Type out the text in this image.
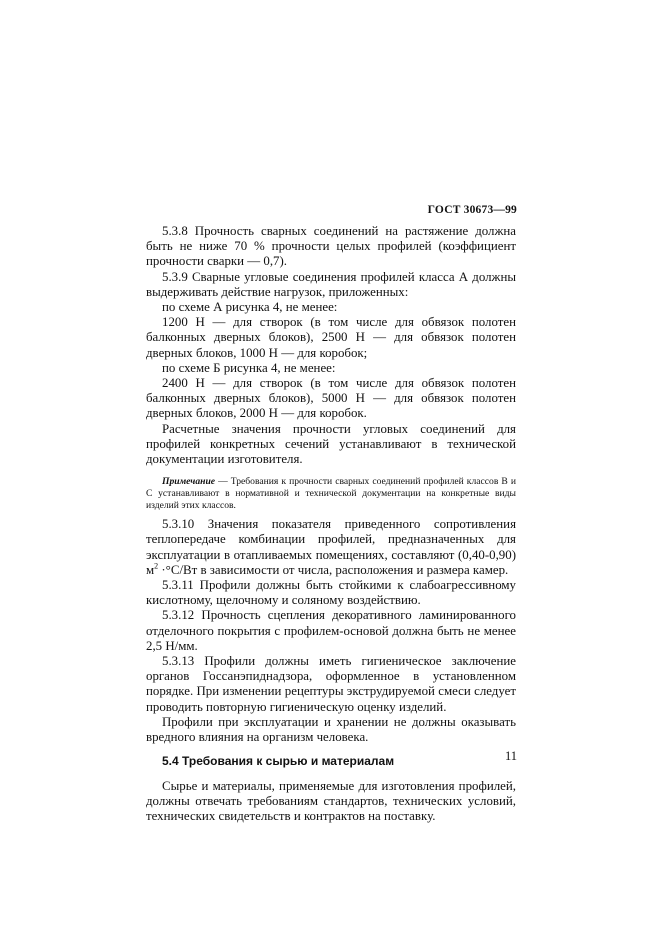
ГОСТ 30673—99

5.3.8 Прочность сварных соединений на растяжение должна быть не ниже 70 % прочности целых профилей (коэффициент прочности сварки — 0,7).

5.3.9 Сварные угловые соединения профилей класса А должны выдерживать действие нагрузок, приложенных:

по схеме А рисунка 4, не менее:

1200 Н — для створок (в том числе для обвязок полотен балконных дверных блоков), 2500 Н — для обвязок полотен дверных блоков, 1000 Н — для коробок;

по схеме Б рисунка 4, не менее:

2400 Н — для створок (в том числе для обвязок полотен балконных дверных блоков), 5000 Н — для обвязок полотен дверных блоков, 2000 Н — для коробок.

Расчетные значения прочности угловых соединений для профилей конкретных сечений устанавливают в технической документации изготовителя.

Примечание — Требования к прочности сварных соединений профилей классов В и С устанавливают в нормативной и технической документации на конкретные виды изделий этих классов.

5.3.10 Значения показателя приведенного сопротивления теплопередаче комбинации профилей, предназначенных для эксплуатации в отапливаемых помещениях, составляют (0,40-0,90) $м^2 \cdot^\circ С/Вт$ в зависимости от числа, расположения и размера камер.

5.3.11 Профили должны быть стойкими к слабоагрессивному кислотному, щелочному и соляному воздействию.

5.3.12 Прочность сцепления декоративного ламинированного отделочного покрытия с профилем-основой должна быть не менее 2,5 Н/мм.

5.3.13 Профили должны иметь гигиеническое заключение органов Госсанэпиднадзора, оформленное в установленном порядке. При изменении рецептуры экструдируемой смеси следует проводить повторную гигиеническую оценку изделий.

Профили при эксплуатации и хранении не должны оказывать вредного влияния на организм человека.

5.4 Требования к сырью и материалам

Сырье и материалы, применяемые для изготовления профилей, должны отвечать требованиям стандартов, технических условий, технических свидетельств и контрактов на поставку.

11
